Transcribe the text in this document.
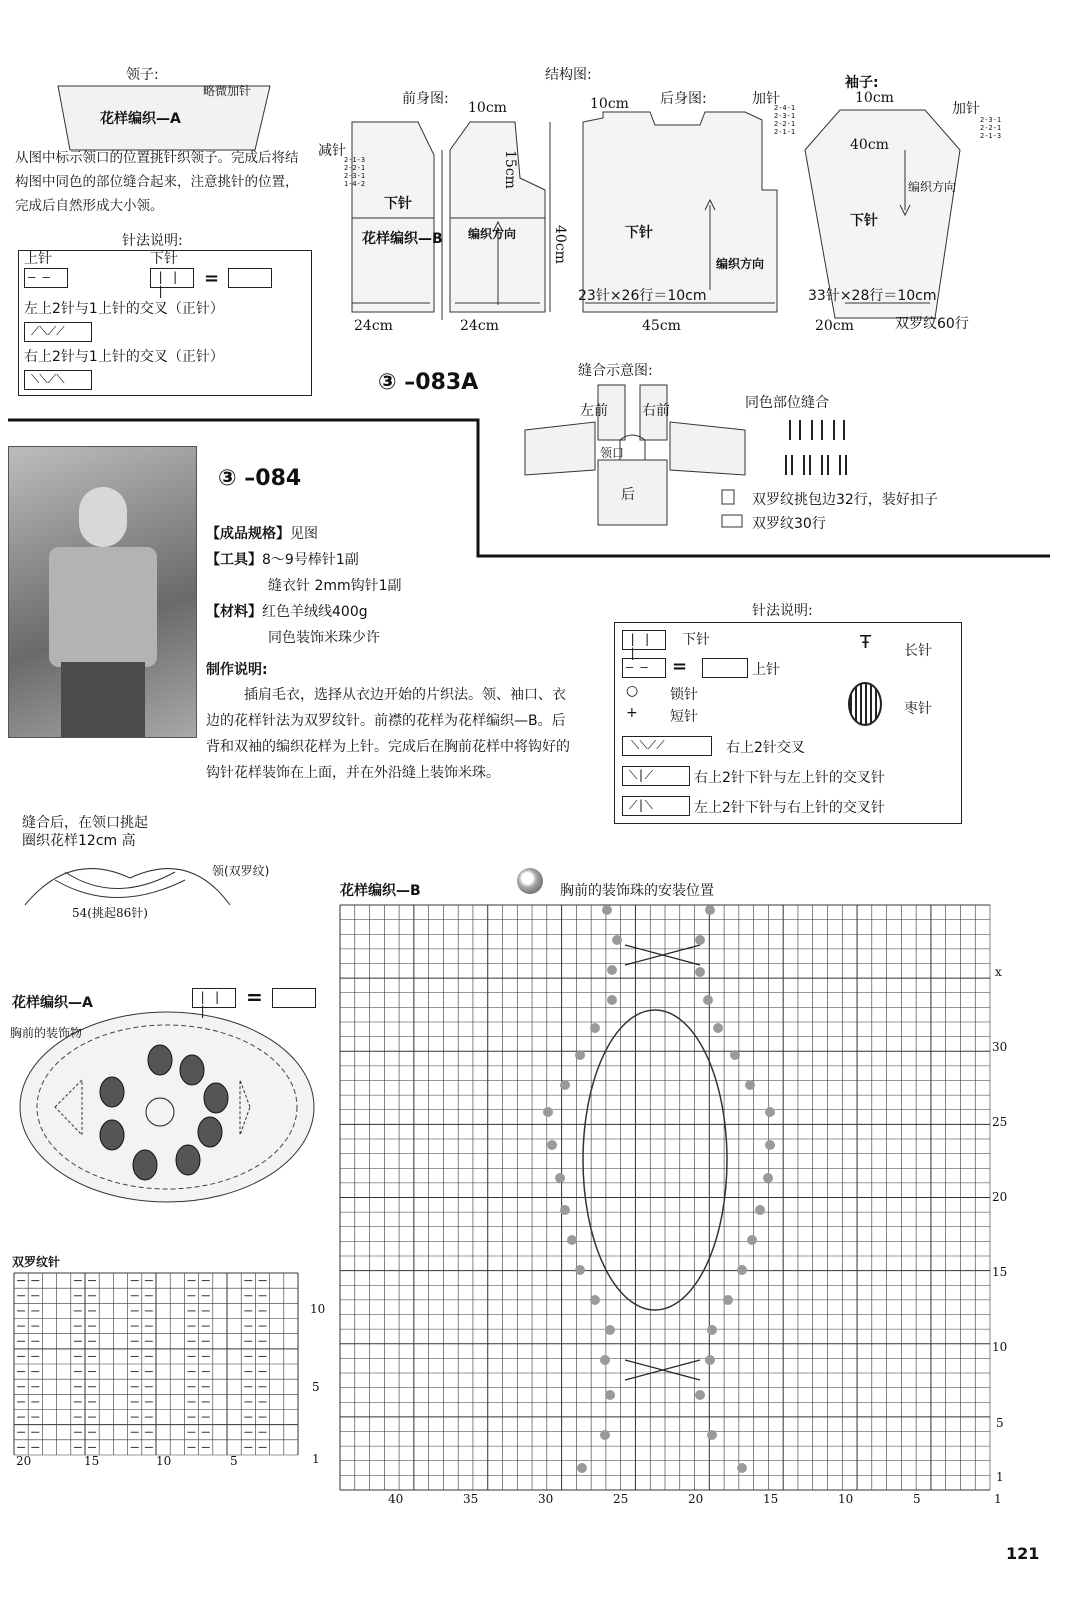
领子:
略微加针
花样编织—A
从图中标示领口的位置挑针织领子。完成后将结构图中同色的部位缝合起来，注意挑针的位置，完成后自然形成大小领。
针法说明:
上针
— —
下针
| | |
=
左上2针与1上针的交叉（正针）
⟋⟍⟋⟋
右上2针与1上针的交叉（正针）
⟍⟍⟋⟍
结构图:
前身图:	后身图:
袖子:
减针
2-1-3
2-2-1
2-3-1
1-4-2
加针
2-4-1
2-3-1
2-2-1
2-1-1
加针
2-3-1
2-2-1
2-1-3
10cm
15cm
40cm
24cm	24cm
10cm
45cm
10cm
40cm
20cm
下针
花样编织—B 编织方向	下针
编织方向
23针×26行＝10cm
下针
编织方向
33针×28行＝10cm
双罗纹60行
③ –083A	缝合示意图:
左前 右前
领口
后
同色部位缝合
双罗纹挑包边32行，装好扣子
双罗纹30行
③ –084
【成品规格】见图
【工具】8～9号棒针1副
缝衣针 2mm钩针1副
【材料】红色羊绒线400g
同色装饰米珠少许
制作说明:
插肩毛衣，选择从衣边开始的片织法。领、袖口、衣边的花样针法为双罗纹针。前襟的花样为花样编织—B。后背和双袖的编织花样为上针。完成后在胸前花样中将钩好的钩针花样装饰在上面，并在外沿缝上装饰米珠。
针法说明:
| | |
下针
— — =	上针
○ 锁针
+ 短针
Ŧ 长针
枣针
⟍⟍⟋⟋	右上2针交叉
⟍|⟋	右上2针下针与左上针的交叉针
⟋|⟍	左上2针下针与右上针的交叉针
缝合后，在领口挑起
圈织花样12cm 高
领(双罗纹)
54(挑起86针)
花样编织—B	胸前的装饰珠的安装位置
x
30
25
20
15
10
5
1
40	35	30	25	20	15	10	5	1
花样编织—A	| | |
=
胸前的装饰物
双罗纹针
10
5
1
20	15	10	5
121
